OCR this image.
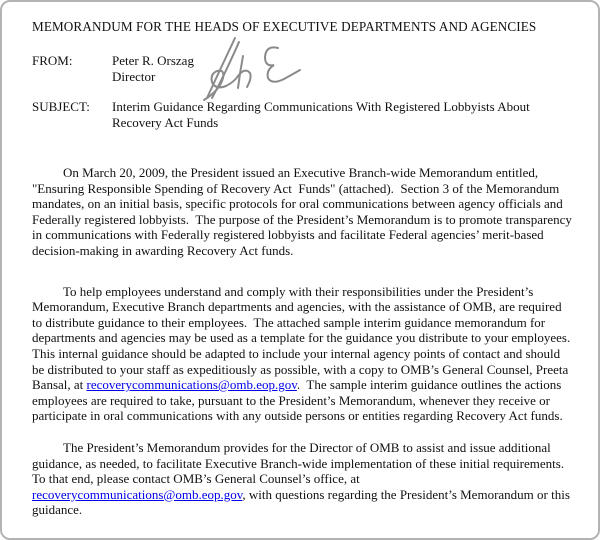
MEMORANDUM FOR THE HEADS OF EXECUTIVE DEPARTMENTS AND AGENCIES
FROM:	Peter R. Orszag
Director
SUBJECT:	Interim Guidance Regarding Communications With Registered Lobbyists About Recovery Act Funds

On March 20, 2009, the President issued an Executive Branch-wide Memorandum entitled, "Ensuring Responsible Spending of Recovery Act  Funds" (attached).  Section 3 of the Memorandum mandates, on an initial basis, specific protocols for oral communications between agency officials and Federally registered lobbyists.  The purpose of the President’s Memorandum is to promote transparency in communications with Federally registered lobbyists and facilitate Federal agencies’ merit-based decision-making in awarding Recovery Act funds.

To help employees understand and comply with their responsibilities under the President’s Memorandum, Executive Branch departments and agencies, with the assistance of OMB, are required to distribute guidance to their employees.  The attached sample interim guidance memorandum for departments and agencies may be used as a template for the guidance you distribute to your employees.  This internal guidance should be adapted to include your internal agency points of contact and should be distributed to your staff as expeditiously as possible, with a copy to OMB’s General Counsel, Preeta Bansal, at recoverycommunications@omb.eop.gov.  The sample interim guidance outlines the actions employees are required to take, pursuant to the President’s Memorandum, whenever they receive or participate in oral communications with any outside persons or entities regarding Recovery Act funds.

The President’s Memorandum provides for the Director of OMB to assist and issue additional guidance, as needed, to facilitate Executive Branch-wide implementation of these initial requirements.  To that end, please contact OMB’s General Counsel’s office, at recoverycommunications@omb.eop.gov, with questions regarding the President’s Memorandum or this guidance.
